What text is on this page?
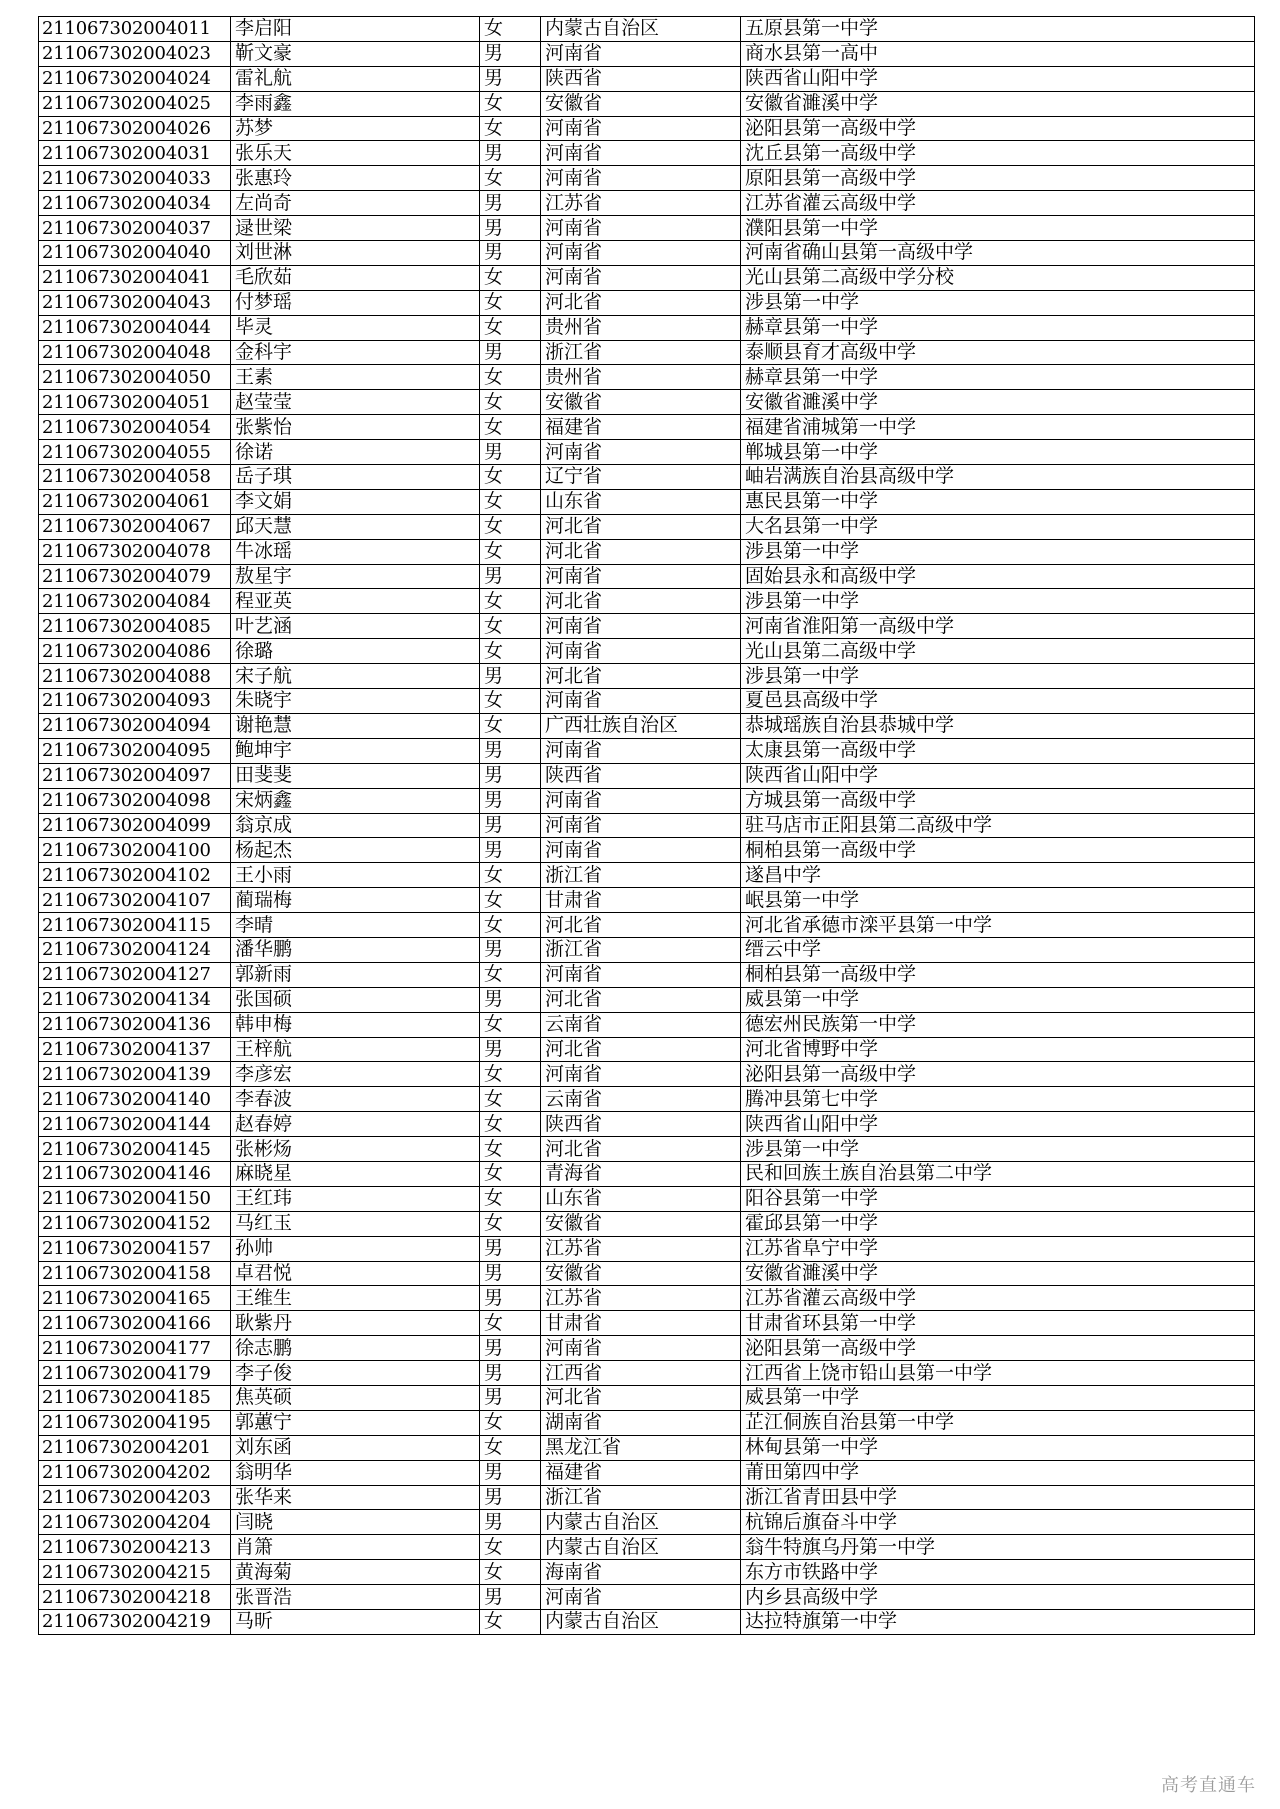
211067302004011	李启阳	女	内蒙古自治区	五原县第一中学
211067302004023	靳文豪	男	河南省	商水县第一高中
211067302004024	雷礼航	男	陕西省	陕西省山阳中学
211067302004025	李雨鑫	女	安徽省	安徽省濉溪中学
211067302004026	苏梦	女	河南省	泌阳县第一高级中学
211067302004031	张乐天	男	河南省	沈丘县第一高级中学
211067302004033	张惠玲	女	河南省	原阳县第一高级中学
211067302004034	左尚奇	男	江苏省	江苏省灌云高级中学
211067302004037	逯世梁	男	河南省	濮阳县第一中学
211067302004040	刘世淋	男	河南省	河南省确山县第一高级中学
211067302004041	毛欣茹	女	河南省	光山县第二高级中学分校
211067302004043	付梦瑶	女	河北省	涉县第一中学
211067302004044	毕灵	女	贵州省	赫章县第一中学
211067302004048	金科宇	男	浙江省	泰顺县育才高级中学
211067302004050	王素	女	贵州省	赫章县第一中学
211067302004051	赵莹莹	女	安徽省	安徽省濉溪中学
211067302004054	张紫怡	女	福建省	福建省浦城第一中学
211067302004055	徐诺	男	河南省	郸城县第一中学
211067302004058	岳子琪	女	辽宁省	岫岩满族自治县高级中学
211067302004061	李文娟	女	山东省	惠民县第一中学
211067302004067	邱天慧	女	河北省	大名县第一中学
211067302004078	牛冰瑶	女	河北省	涉县第一中学
211067302004079	敖星宇	男	河南省	固始县永和高级中学
211067302004084	程亚英	女	河北省	涉县第一中学
211067302004085	叶艺涵	女	河南省	河南省淮阳第一高级中学
211067302004086	徐璐	女	河南省	光山县第二高级中学
211067302004088	宋子航	男	河北省	涉县第一中学
211067302004093	朱晓宇	女	河南省	夏邑县高级中学
211067302004094	谢艳慧	女	广西壮族自治区	恭城瑶族自治县恭城中学
211067302004095	鲍坤宇	男	河南省	太康县第一高级中学
211067302004097	田斐斐	男	陕西省	陕西省山阳中学
211067302004098	宋炳鑫	男	河南省	方城县第一高级中学
211067302004099	翁京成	男	河南省	驻马店市正阳县第二高级中学
211067302004100	杨起杰	男	河南省	桐柏县第一高级中学
211067302004102	王小雨	女	浙江省	遂昌中学
211067302004107	蔺瑞梅	女	甘肃省	岷县第一中学
211067302004115	李晴	女	河北省	河北省承德市滦平县第一中学
211067302004124	潘华鹏	男	浙江省	缙云中学
211067302004127	郭新雨	女	河南省	桐柏县第一高级中学
211067302004134	张国硕	男	河北省	威县第一中学
211067302004136	韩申梅	女	云南省	德宏州民族第一中学
211067302004137	王梓航	男	河北省	河北省博野中学
211067302004139	李彦宏	女	河南省	泌阳县第一高级中学
211067302004140	李春波	女	云南省	腾冲县第七中学
211067302004144	赵春婷	女	陕西省	陕西省山阳中学
211067302004145	张彬炀	女	河北省	涉县第一中学
211067302004146	麻晓星	女	青海省	民和回族土族自治县第二中学
211067302004150	王红玮	女	山东省	阳谷县第一中学
211067302004152	马红玉	女	安徽省	霍邱县第一中学
211067302004157	孙帅	男	江苏省	江苏省阜宁中学
211067302004158	卓君悦	男	安徽省	安徽省濉溪中学
211067302004165	王维生	男	江苏省	江苏省灌云高级中学
211067302004166	耿紫丹	女	甘肃省	甘肃省环县第一中学
211067302004177	徐志鹏	男	河南省	泌阳县第一高级中学
211067302004179	李子俊	男	江西省	江西省上饶市铅山县第一中学
211067302004185	焦英硕	男	河北省	威县第一中学
211067302004195	郭蕙宁	女	湖南省	芷江侗族自治县第一中学
211067302004201	刘东函	女	黑龙江省	林甸县第一中学
211067302004202	翁明华	男	福建省	莆田第四中学
211067302004203	张华来	男	浙江省	浙江省青田县中学
211067302004204	闫晓	男	内蒙古自治区	杭锦后旗奋斗中学
211067302004213	肖箫	女	内蒙古自治区	翁牛特旗乌丹第一中学
211067302004215	黄海菊	女	海南省	东方市铁路中学
211067302004218	张晋浩	男	河南省	内乡县高级中学
211067302004219	马昕	女	内蒙古自治区	达拉特旗第一中学
高考直通车
